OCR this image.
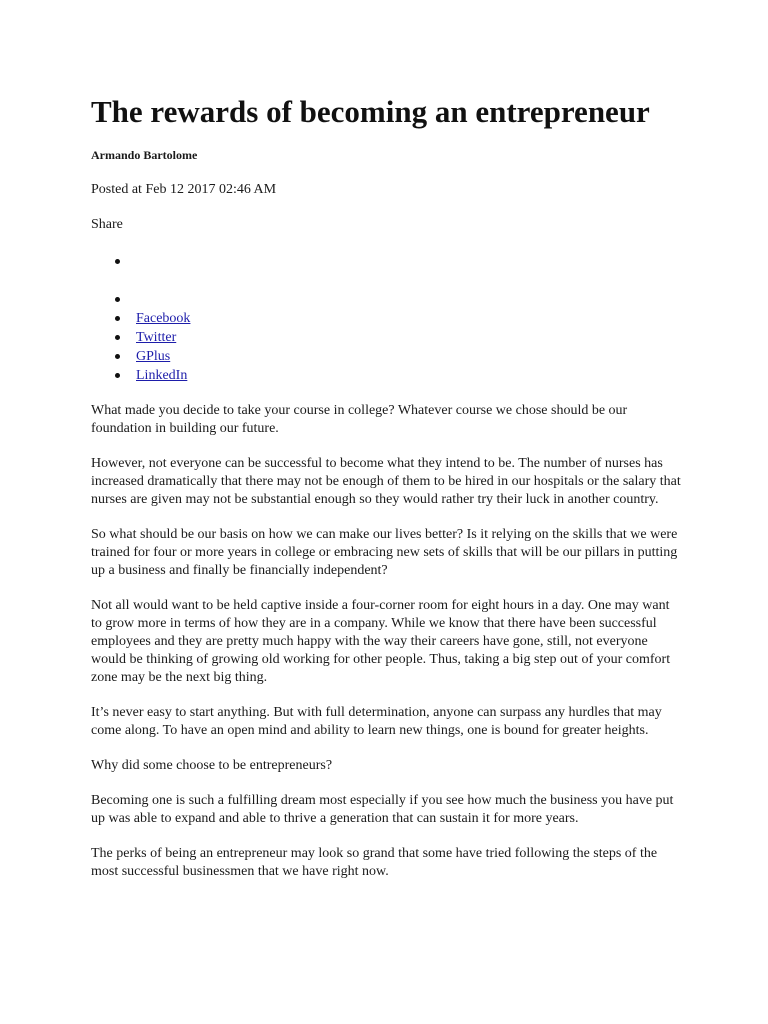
The rewards of becoming an entrepreneur
Armando Bartolome
Posted at Feb 12 2017 02:46 AM
Share
Facebook
Twitter
GPlus
LinkedIn

What made you decide to take your course in college? Whatever course we chose should be our foundation in building our future.

However, not everyone can be successful to become what they intend to be. The number of nurses has increased dramatically that there may not be enough of them to be hired in our hospitals or the salary that nurses are given may not be substantial enough so they would rather try their luck in another country.

So what should be our basis on how we can make our lives better? Is it relying on the skills that we were trained for four or more years in college or embracing new sets of skills that will be our pillars in putting up a business and finally be financially independent?

Not all would want to be held captive inside a four-corner room for eight hours in a day. One may want to grow more in terms of how they are in a company. While we know that there have been successful employees and they are pretty much happy with the way their careers have gone, still, not everyone would be thinking of growing old working for other people. Thus, taking a big step out of your comfort zone may be the next big thing.

It’s never easy to start anything. But with full determination, anyone can surpass any hurdles that may come along. To have an open mind and ability to learn new things, one is bound for greater heights.

Why did some choose to be entrepreneurs?

Becoming one is such a fulfilling dream most especially if you see how much the business you have put up was able to expand and able to thrive a generation that can sustain it for more years.

The perks of being an entrepreneur may look so grand that some have tried following the steps of the most successful businessmen that we have right now.
